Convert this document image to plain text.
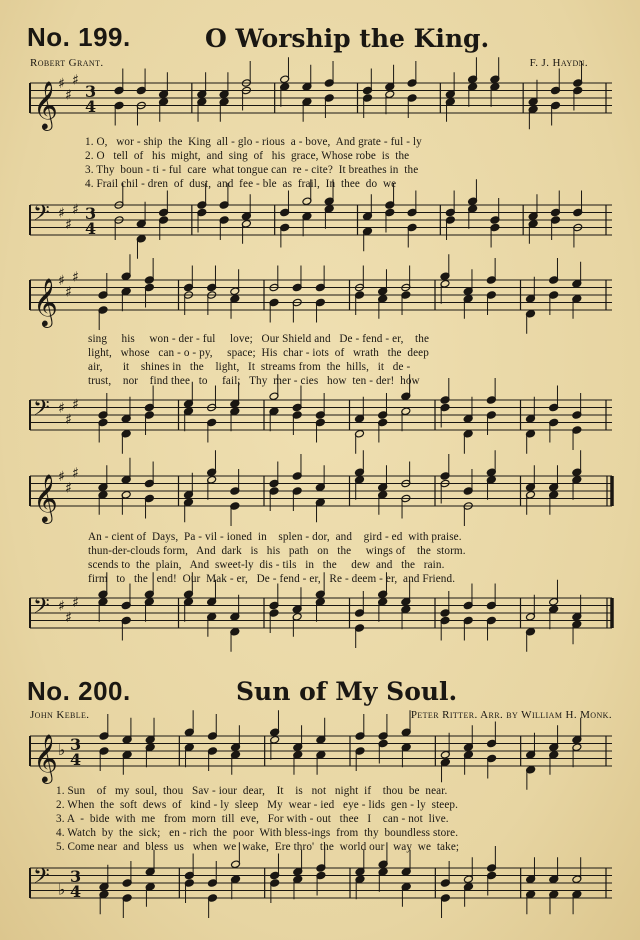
No. 199.	O Worship the King.
Robert Grant.	F. J. Haydn.
𝄞 ♯
♯
♯
3
4
1. O,   wor - ship  the  King  all - glo - rious  a - bove,  And grate - ful - ly
2. O   tell  of   his  might,  and  sing  of   his  grace, Whose robe  is  the
3. Thy  boun - ti - ful  care  what tongue can  re - cite?  It breathes in  the
4. Frail chil - dren  of  dust,  and  fee - ble  as  frail,  In  thee  do  we
𝄢 ♯
♯
♯ 3
4
𝄞 ♯
♯
♯
sing     his     won - der - ful     love;   Our Shield and   De - fend - er,    the
light,   whose   can - o - py,     space;  His  char - iots  of   wrath   the  deep
air,       it    shines in   the    light,   It  streams from  the  hills,   it   de -
trust,    nor    find thee   to     fail;   Thy  mer - cies   how  ten - der!  how
𝄢 ♯
♯
♯
𝄞 ♯
♯
♯
An - cient of  Days,  Pa - vil - ioned  in    splen - dor,  and    gird - ed  with praise.
thun-der-clouds form,   And  dark   is   his   path   on   the     wings of    the  storm.
scends to  the  plain,   And  sweet-ly  dis - tils   in   the     dew  and   the   rain.
firm   to   the   end!  Our  Mak - er,   De - fend - er,   Re - deem - er,  and Friend.
𝄢 ♯
♯
♯
No. 200.	Sun of My Soul.
John Keble.	Peter Ritter. Arr. by William H. Monk.
𝄞 ♭ 3
4
1. Sun    of   my  soul,  thou   Sav - iour  dear,    It    is   not   night  if    thou  be  near.
2. When  the  soft  dews  of   kind - ly  sleep   My  wear - ied   eye - lids  gen - ly  steep.
3. A  -  bide  with  me   from  morn  till  eve,   For with - out   thee   I    can - not  live.
4. Watch  by  the  sick;   en - rich  the  poor  With bless-ings  from  thy  boundless store.
5. Come near  and  bless  us   when  we  wake,  Ere thro'  the  world our   way  we  take;
𝄢 ♭
3
4
